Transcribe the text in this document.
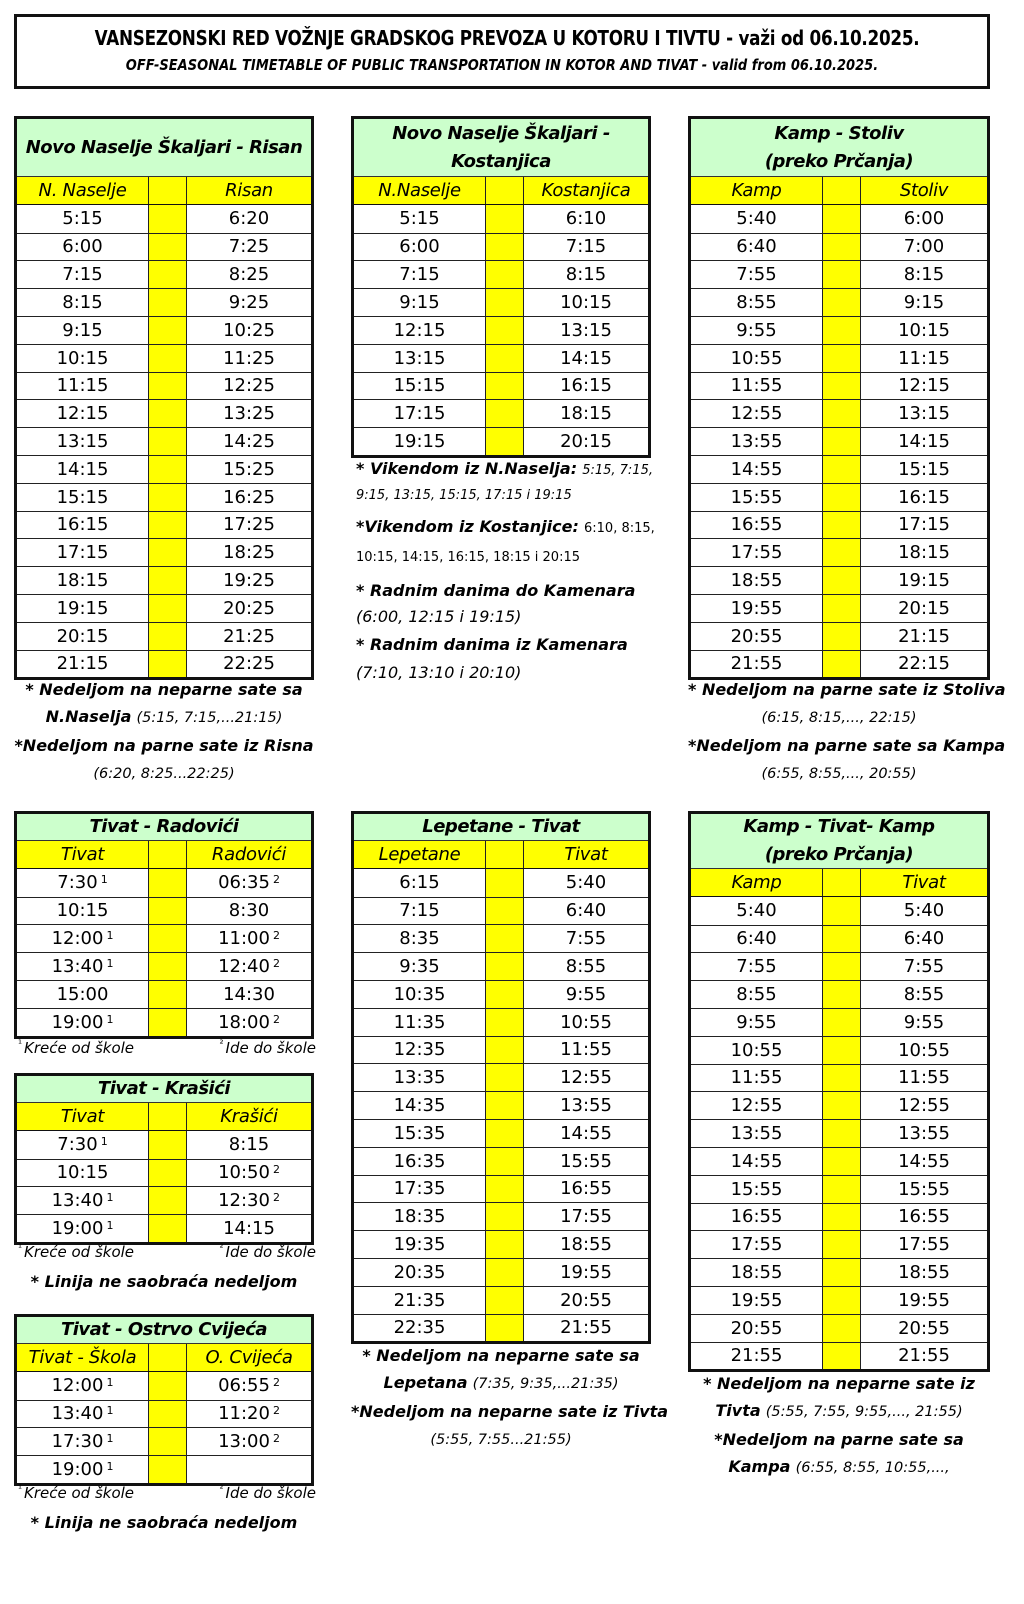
VANSEZONSKI RED VOŽNJE GRADSKOG PREVOZA U KOTORU I TIVTU - važi od 06.10.2025.
OFF-SEASONAL TIMETABLE OF PUBLIC TRANSPORTATION IN KOTOR AND TIVAT - valid from 06.10.2025.
Novo Naselje Škaljari - Risan
N. Naselje	Risan
5:15	6:20
6:00	7:25
7:15	8:25
8:15	9:25
9:15	10:25
10:15	11:25
11:15	12:25
12:15	13:25
13:15	14:25
14:15	15:25
15:15	16:25
16:15	17:25
17:15	18:25
18:15	19:25
19:15	20:25
20:15	21:25
21:15	22:25
Novo Naselje Škaljari -
Kostanjica
N.Naselje	Kostanjica
5:15	6:10
6:00	7:15
7:15	8:15
9:15	10:15
12:15	13:15
13:15	14:15
15:15	16:15
17:15	18:15
19:15	20:15
Kamp - Stoliv
(preko Prčanja)
Kamp	Stoliv
5:40	6:00
6:40	7:00
7:55	8:15
8:55	9:15
9:55	10:15
10:55	11:15
11:55	12:15
12:55	13:15
13:55	14:15
14:55	15:15
15:55	16:15
16:55	17:15
17:55	18:15
18:55	19:15
19:55	20:15
20:55	21:15
21:55	22:15
Tivat - Radovići
Tivat	Radovići
7:30 $^1$	06:35 $^2$
10:15	8:30
12:00 $^1$	11:00 $^2$
13:40 $^1$	12:40 $^2$
15:00	14:30
19:00 $^1$	18:00 $^2$
Tivat - Krašići
Tivat	Krašići
7:30 $^1$	8:15
10:15	10:50 $^2$
13:40 $^1$	12:30 $^2$
19:00 $^1$	14:15
Tivat - Ostrvo Cvijeća
Tivat - Škola	O. Cvijeća
12:00 $^1$	06:55 $^2$
13:40 $^1$	11:20 $^2$
17:30 $^1$	13:00 $^2$
19:00 $^1$
Lepetane - Tivat
Lepetane	Tivat
6:15	5:40
7:15	6:40
8:35	7:55
9:35	8:55
10:35	9:55
11:35	10:55
12:35	11:55
13:35	12:55
14:35	13:55
15:35	14:55
16:35	15:55
17:35	16:55
18:35	17:55
19:35	18:55
20:35	19:55
21:35	20:55
22:35	21:55
Kamp - Tivat- Kamp
(preko Prčanja)
Kamp	Tivat
5:40	5:40
6:40	6:40
7:55	7:55
8:55	8:55
9:55	9:55
10:55	10:55
11:55	11:55
12:55	12:55
13:55	13:55
14:55	14:55
15:55	15:55
16:55	16:55
17:55	17:55
18:55	18:55
19:55	19:55
20:55	20:55
21:55	21:55
* Nedeljom na neparne sate sa
N.Naselja (5:15, 7:15,...21:15)
*Nedeljom na parne sate iz Risna
(6:20, 8:25...22:25)
* Vikendom iz N.Naselja: 5:15, 7:15,
9:15, 13:15, 15:15, 17:15 i 19:15
*Vikendom iz Kostanjice: 6:10, 8:15,
10:15, 14:15, 16:15, 18:15 i 20:15
* Radnim danima do Kamenara
(6:00, 12:15 i 19:15)
* Radnim danima iz Kamenara
(7:10, 13:10 i 20:10)
* Nedeljom na parne sate iz Stoliva
(6:15, 8:15,..., 22:15)
*Nedeljom na parne sate sa Kampa
(6:55, 8:55,..., 20:55)
$^{^1}$ Kreće od škole	$^{^2}$ Ide do škole
$^{^1}$ Kreće od škole	$^{^2}$ Ide do škole
* Linija ne saobraća nedeljom
$^{^1}$ Kreće od škole	$^{^2}$ Ide do škole
* Linija ne saobraća nedeljom
* Nedeljom na neparne sate sa
Lepetana (7:35, 9:35,...21:35)
*Nedeljom na neparne sate iz Tivta
(5:55, 7:55...21:55)
* Nedeljom na neparne sate iz
Tivta (5:55, 7:55, 9:55,..., 21:55)
*Nedeljom na parne sate sa
Kampa (6:55, 8:55, 10:55,...,
